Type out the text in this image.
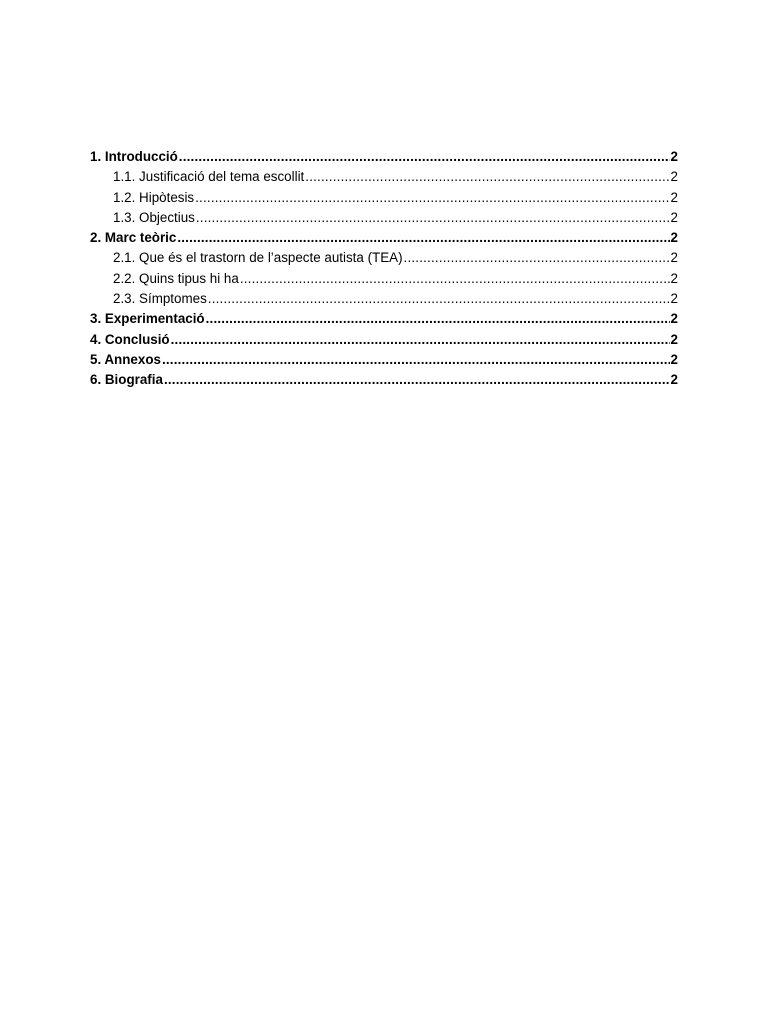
1. Introducció .....	2
1.1. Justificació del tema escollit .....	2
1.2. Hipòtesis .....	2
1.3. Objectius .....	2
2. Marc teòric .....	2
2.1. Que és el trastorn de l’aspecte autista (TEA) .....	2
2.2. Quins tipus hi ha .....	2
2.3. Símptomes .....	2
3. Experimentació .....	2
4. Conclusió .....	2
5. Annexos .....	2
6. Biografia .....	2
